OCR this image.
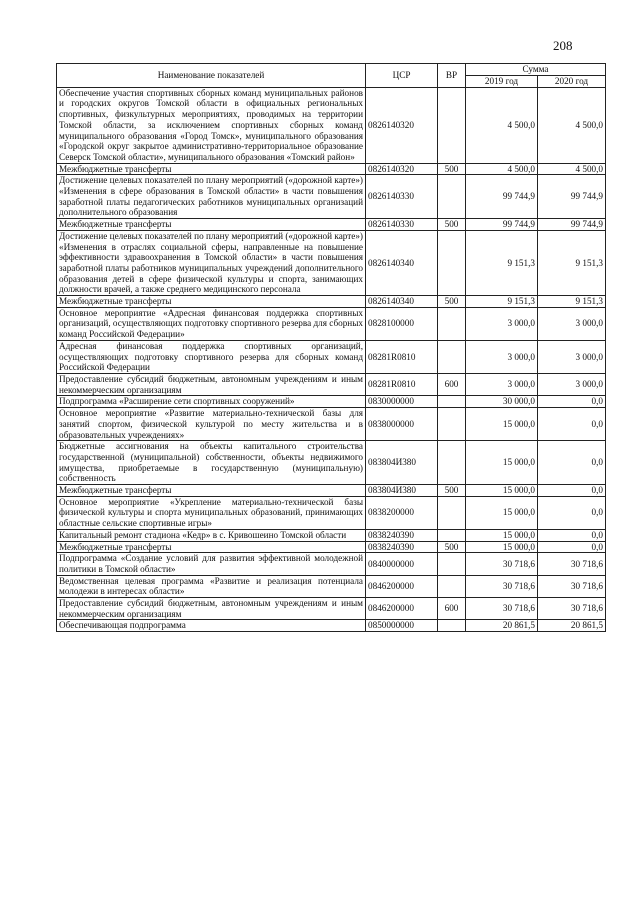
208
Наименование показателей	ЦСР	ВР	Сумма	
			2019 год	2020 год
Обеспечение участия спортивных сборных команд муниципальных районов и городских округов Томской области в официальных региональных спортивных, физкультурных мероприятиях, проводимых на территории Томской области, за исключением спортивных сборных команд муниципального образования «Город Томск», муниципального образования «Городской округ закрытое административно-территориальное образование Северск Томской области», муниципального образования «Томский район»	0826140320		4 500,0	4 500,0
Межбюджетные трансферты	0826140320	500	4 500,0	4 500,0
Достижение целевых показателей по плану мероприятий («дорожной карте») «Изменения в сфере образования в Томской области» в части повышения заработной платы педагогических работников муниципальных организаций дополнительного образования	0826140330		99 744,9	99 744,9
Межбюджетные трансферты	0826140330	500	99 744,9	99 744,9
Достижение целевых показателей по плану мероприятий («дорожной карте») «Изменения в отраслях социальной сферы, направленные на повышение эффективности здравоохранения в Томской области» в части повышения заработной платы работников муниципальных учреждений дополнительного образования детей в сфере физической культуры и спорта, занимающих должности врачей, а также среднего медицинского персонала	0826140340		9 151,3	9 151,3
Межбюджетные трансферты	0826140340	500	9 151,3	9 151,3
Основное мероприятие «Адресная финансовая поддержка спортивных организаций, осуществляющих подготовку спортивного резерва для сборных команд Российской Федерации»	0828100000		3 000,0	3 000,0
Адресная финансовая поддержка спортивных организаций, осуществляющих подготовку спортивного резерва для сборных команд Российской Федерации	08281R0810		3 000,0	3 000,0
Предоставление субсидий бюджетным, автономным учреждениям и иным некоммерческим организациям	08281R0810	600	3 000,0	3 000,0
Подпрограмма «Расширение сети спортивных сооружений»	0830000000		30 000,0	0,0
Основное мероприятие «Развитие материально-технической базы для занятий спортом, физической культурой по месту жительства и в образовательных учреждениях»	0838000000		15 000,0	0,0
Бюджетные ассигнования на объекты капитального строительства государственной (муниципальной) собственности, объекты недвижимого имущества, приобретаемые в государственную (муниципальную) собственность	083804И380		15 000,0	0,0
Межбюджетные трансферты	083804И380	500	15 000,0	0,0
Основное мероприятие «Укрепление материально-технической базы физической культуры и спорта муниципальных образований, принимающих областные сельские спортивные игры»	0838200000		15 000,0	0,0
Капитальный ремонт стадиона «Кедр» в с. Кривошеино Томской области	0838240390		15 000,0	0,0
Межбюджетные трансферты	0838240390	500	15 000,0	0,0
Подпрограмма «Создание условий для развития эффективной молодежной политики в Томской области»	0840000000		30 718,6	30 718,6
Ведомственная целевая программа «Развитие и реализация потенциала молодежи в интересах области»	0846200000		30 718,6	30 718,6
Предоставление субсидий бюджетным, автономным учреждениям и иным некоммерческим организациям	0846200000	600	30 718,6	30 718,6
Обеспечивающая подпрограмма	0850000000		20 861,5	20 861,5
